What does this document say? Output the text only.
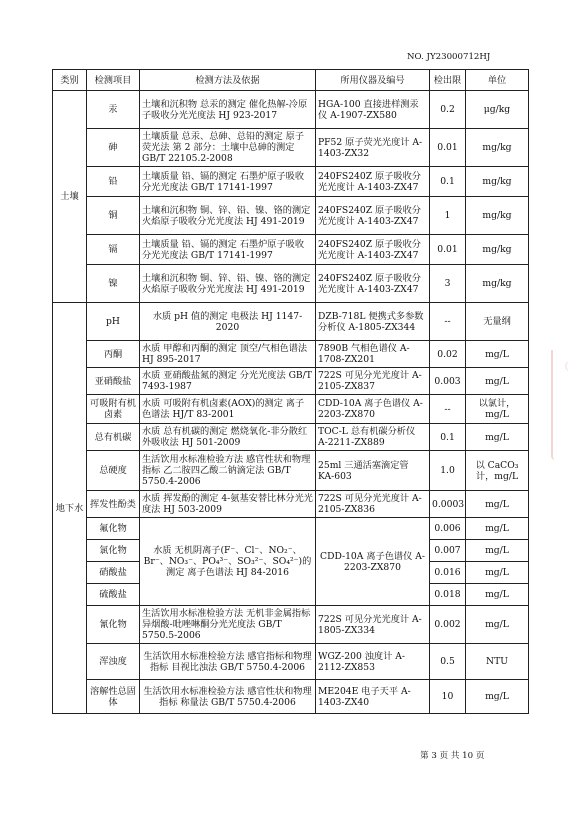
NO. JY23000712HJ
类别	检测项目	检测方法及依据	所用仪器及编号	检出限	单位
土壤	汞	土壤和沉积物 总汞的测定 催化热解-冷原子吸收分光光度法 HJ 923-2017	HGA-100 直接进样测汞仪 A-1907-ZX580	0.2	μg/kg
	砷	土壤质量 总汞、总砷、总铅的测定 原子荧光法 第 2 部分：土壤中总砷的测定 GB/T 22105.2-2008	PF52 原子荧光光度计 A-1403-ZX32	0.01	mg/kg
	铅	土壤质量 铅、镉的测定 石墨炉原子吸收分光光度法 GB/T 17141-1997	240FS240Z 原子吸收分光光度计 A-1403-ZX47	0.1	mg/kg
	铜	土壤和沉积物 铜、锌、铅、镍、铬的测定 火焰原子吸收分光光度法 HJ 491-2019	240FS240Z 原子吸收分光光度计 A-1403-ZX47	1	mg/kg
	镉	土壤质量 铅、镉的测定 石墨炉原子吸收分光光度法 GB/T 17141-1997	240FS240Z 原子吸收分光光度计 A-1403-ZX47	0.01	mg/kg
	镍	土壤和沉积物 铜、锌、铅、镍、铬的测定 火焰原子吸收分光光度法 HJ 491-2019	240FS240Z 原子吸收分光光度计 A-1403-ZX47	3	mg/kg
地下水	pH	水质 pH 值的测定 电极法 HJ 1147-2020	DZB-718L 便携式多参数分析仪 A-1805-ZX344	--	无量纲
	丙酮	水质 甲醇和丙酮的测定 顶空/气相色谱法 HJ 895-2017	7890B 气相色谱仪 A-1708-ZX201	0.02	mg/L
	亚硝酸盐	水质 亚硝酸盐氮的测定 分光光度法 GB/T 7493-1987	722S 可见分光光度计 A-2105-ZX837	0.003	mg/L
	可吸附有机卤素	水质 可吸附有机卤素(AOX)的测定 离子色谱法 HJ/T 83-2001	CDD-10A 离子色谱仪 A-2203-ZX870	--	以氯计，mg/L
	总有机碳	水质 总有机碳的测定 燃烧氧化-非分散红外吸收法 HJ 501-2009	TOC-L 总有机碳分析仪 A-2211-ZX889	0.1	mg/L
	总硬度	生活饮用水标准检验方法 感官性状和物理指标 乙二胺四乙酸二钠滴定法 GB/T 5750.4-2006	25ml 三通活塞滴定管 KA-603	1.0	以 CaCO₃计，mg/L
	挥发性酚类	水质 挥发酚的测定 4-氨基安替比林分光光度法 HJ 503-2009	722S 可见分光光度计 A-2105-ZX836	0.0003	mg/L
	氟化物	水质 无机阴离子(F⁻、Cl⁻、NO₂⁻、Br⁻、NO₃⁻、PO₄³⁻、SO₃²⁻、SO₄²⁻)的测定 离子色谱法 HJ 84-2016	CDD-10A 离子色谱仪 A-2203-ZX870	0.006	mg/L
	氯化物			0.007	mg/L
	硝酸盐			0.016	mg/L
	硫酸盐			0.018	mg/L
	氰化物	生活饮用水标准检验方法 无机非金属指标 异烟酸-吡唑啉酮分光光度法 GB/T 5750.5-2006	722S 可见分光光度计 A-1805-ZX334	0.002	mg/L
	浑浊度	生活饮用水标准检验方法 感官指标和物理指标 目视比浊法 GB/T 5750.4-2006	WGZ-200 浊度计 A-2112-ZX853	0.5	NTU
	溶解性总固体	生活饮用水标准检验方法 感官性状和物理指标 称量法 GB/T 5750.4-2006	ME204E 电子天平 A-1403-ZX40	10	mg/L
（
第 3 页 共 10 页
